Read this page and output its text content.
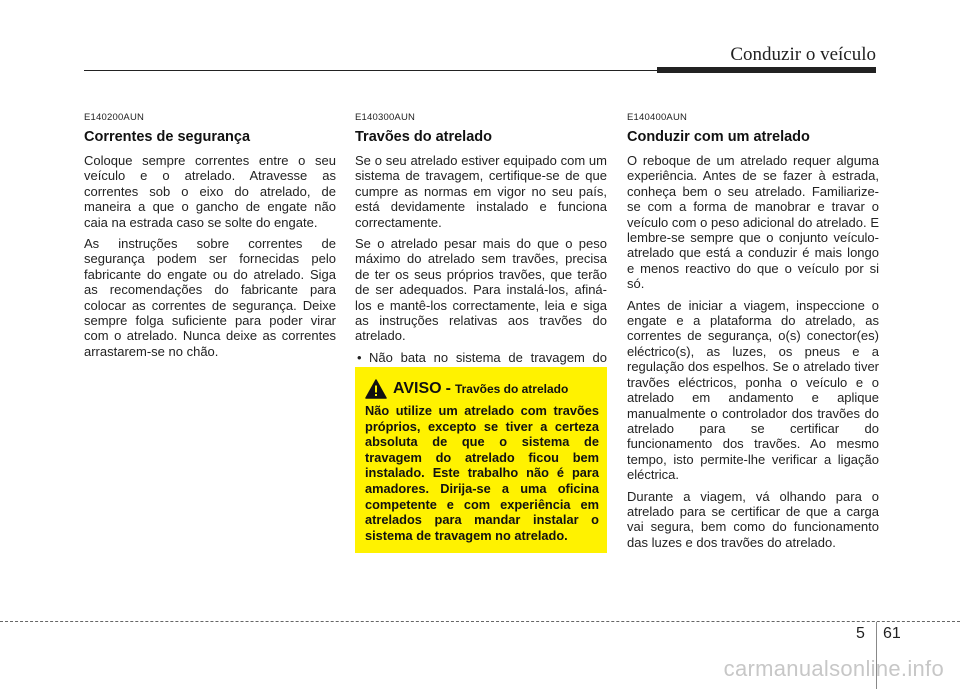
Conduzir o veículo

E140200AUN

Correntes de segurança

Coloque sempre correntes entre o seu veículo e o atrelado. Atravesse as correntes sob o eixo do atrelado, de maneira a que o gancho de engate não caia na estrada caso se solte do engate.

As instruções sobre correntes de segurança podem ser fornecidas pelo fabricante do engate ou do atrelado. Siga as recomendações do fabricante para colocar as correntes de segurança. Deixe sempre folga suficiente para poder virar com o atrelado. Nunca deixe as correntes arrastarem-se no chão.

E140300AUN

Travões do atrelado

Se o seu atrelado estiver equipado com um sistema de travagem, certifique-se de que cumpre as normas em vigor no seu país, está devidamente instalado e funciona correctamente.

Se o atrelado pesar mais do que o peso máximo do atrelado sem travões, precisa de ter os seus próprios travões, que terão de ser adequados. Para instalá-los, afiná-los e mantê-los correctamente, leia e siga as instruções relativas aos travões do atrelado.

• Não bata no sistema de travagem do
AVISO - Travões do atrelado
Não utilize um atrelado com travões próprios, excepto se tiver a certeza absoluta de que o sistema de travagem do atrelado ficou bem instalado. Este trabalho não é para amadores. Dirija-se a uma oficina competente e com experiência em atrelados para mandar instalar o sistema de travagem no atrelado.

E140400AUN

Conduzir com um atrelado

O reboque de um atrelado requer alguma experiência. Antes de se fazer à estrada, conheça bem o seu atrelado. Familiarize-se com a forma de manobrar e travar o veículo com o peso adicional do atrelado. E lembre-se sempre que o conjunto veículo-atrelado que está a conduzir é mais longo e menos reactivo do que o veículo por si só.

Antes de iniciar a viagem, inspeccione o engate e a plataforma do atrelado, as correntes de segurança, o(s) conector(es) eléctrico(s), as luzes, os pneus e a regulação dos espelhos. Se o atrelado tiver travões eléctricos, ponha o veículo e o atrelado em andamento e aplique manualmente o controlador dos travões do atrelado para se certificar do funcionamento dos travões. Ao mesmo tempo, isto permite-lhe verificar a ligação eléctrica.

Durante a viagem, vá olhando para o atrelado para se certificar de que a carga vai segura, bem como do funcionamento das luzes e dos travões do atrelado.

5 61
carmanualsonline.info
